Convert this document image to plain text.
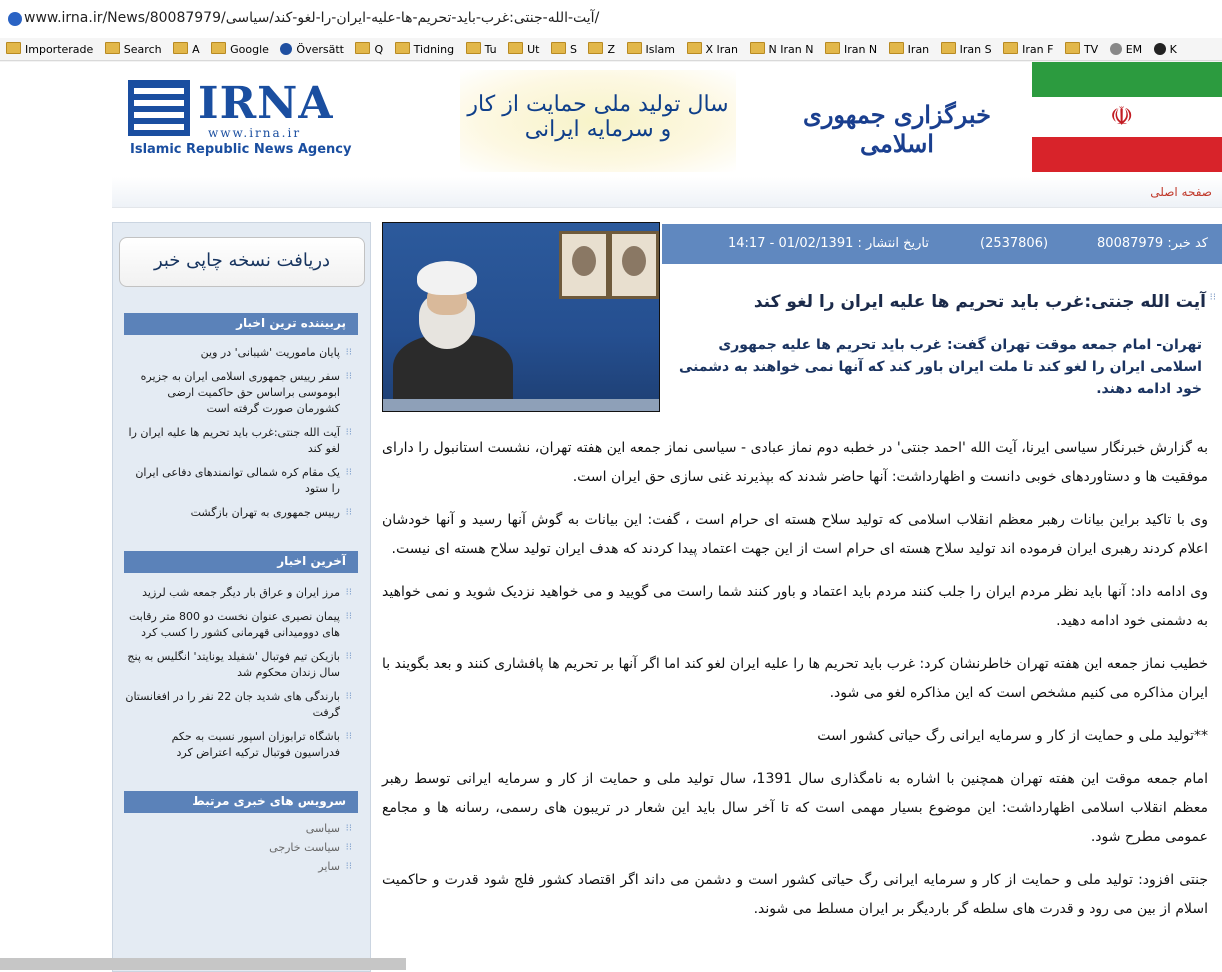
www.irna.ir/News/80087979/آیت-الله-جنتی:غرب-باید-تحریم-ها-علیه-ایران-را-لغو-کند/سیاسی/
Importerade	Search	A	Google	Översätt	Q	Tidning	Tu	Ut	S	Z	Islam	X Iran	N Iran N	Iran N	Iran	Iran S	Iran F	TV	EM	K
IRNA
www.irna.ir
Islamic Republic News Agency
سال تولید ملی حمایت از کار و سرمایه ایرانی
خبرگزاری جمهوری اسلامی
☫
صفحه اصلی
دریافت نسخه چاپی خبر
پربیننده ترین اخبار
پایان ماموریت 'شیبانی' در وین ⁝⁝
سفر رییس جمهوری اسلامی ایران به جزیره ابوموسی براساس حق حاکمیت ارضی کشورمان صورت گرفته است ⁝⁝
آیت الله جنتی:غرب باید تحریم ها علیه ایران را لغو کند ⁝⁝
یک مقام کره شمالی توانمندهای دفاعی ایران را ستود ⁝⁝
رییس جمهوری به تهران بازگشت ⁝⁝
آخرین اخبار
مرز ایران و عراق بار دیگر جمعه شب لرزید ⁝⁝
پیمان نصیری عنوان نخست دو 800 متر رقابت های دوومیدانی قهرمانی کشور را کسب کرد ⁝⁝
بازیکن تیم فوتبال 'شفیلد یونایتد' انگلیس به پنج سال زندان محکوم شد ⁝⁝
بارندگی های شدید جان 22 نفر را در افغانستان گرفت ⁝⁝
باشگاه ترابوزان اسپور نسبت به حکم فدراسیون فوتبال ترکیه اعتراض کرد ⁝⁝
سرویس های خبری مرتبط
سیاسی ⁝⁝
سیاست خارجی ⁝⁝
سایر ⁝⁝
کد خبر: 80087979
(2537806)
تاریخ انتشار : 01/02/1391 - 14:17
⁝⁝
آیت الله جنتی:غرب باید تحریم ها علیه ایران را لغو کند
تهران- امام جمعه موقت تهران گفت: غرب باید تحریم ها علیه جمهوری اسلامی ایران را لغو کند تا ملت ایران باور کند که آنها نمی خواهند به دشمنی خود ادامه دهند.

به گزارش خبرنگار سیاسی ایرنا، آیت الله 'احمد جنتی' در خطبه دوم نماز عبادی - سیاسی نماز جمعه این هفته تهران، نشست استانبول را دارای موفقیت ها و دستاوردهای خوبی دانست و اظهارداشت: آنها حاضر شدند که بپذیرند غنی سازی حق ایران است.

وی با تاکید براین بیانات رهبر معظم انقلاب اسلامی که تولید سلاح هسته ای حرام است ، گفت: این بیانات به گوش آنها رسید و آنها خودشان اعلام کردند رهبری ایران فرموده اند تولید سلاح هسته ای حرام است از این جهت اعتماد پیدا کردند که هدف ایران تولید سلاح هسته ای نیست.

وی ادامه داد: آنها باید نظر مردم ایران را جلب کنند مردم باید اعتماد و باور کنند شما راست می گویید و می خواهید نزدیک شوید و نمی خواهید به دشمنی خود ادامه دهید.

خطیب نماز جمعه این هفته تهران خاطرنشان کرد: غرب باید تحریم ها را علیه ایران لغو کند اما اگر آنها بر تحریم ها پافشاری کنند و بعد بگویند با ایران مذاکره می کنیم مشخص است که این مذاکره لغو می شود.

**تولید ملی و حمایت از کار و سرمایه ایرانی رگ حیاتی کشور است

امام جمعه موقت این هفته تهران همچنین با اشاره به نامگذاری سال 1391، سال تولید ملی و حمایت از کار و سرمایه ایرانی توسط رهبر معظم انقلاب اسلامی اظهارداشت: این موضوع بسیار مهمی است که تا آخر سال باید این شعار در تریبون های رسمی، رسانه ها و مجامع عمومی مطرح شود.

جنتی افزود: تولید ملی و حمایت از کار و سرمایه ایرانی رگ حیاتی کشور است و دشمن می داند اگر اقتصاد کشور فلج شود قدرت و حاکمیت اسلام از بین می رود و قدرت های سلطه گر باردیگر بر ایران مسلط می شوند.
